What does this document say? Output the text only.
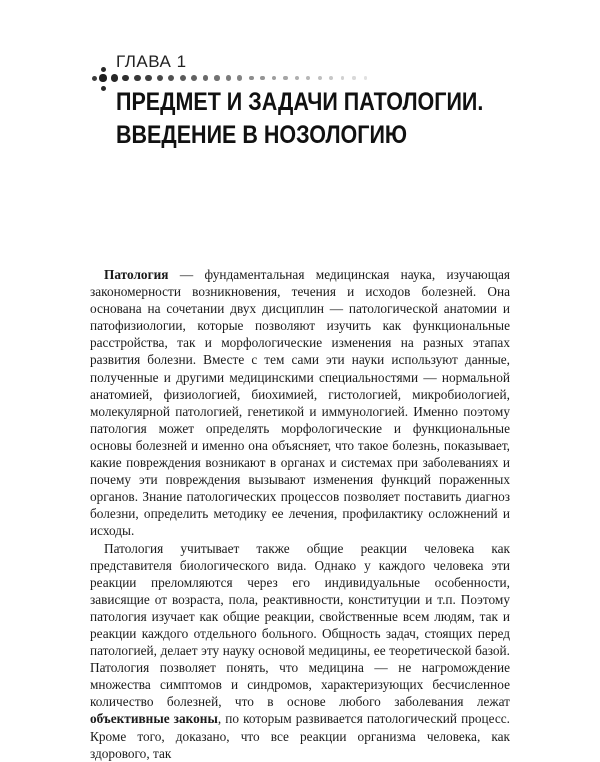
ГЛАВА 1
ПРЕДМЕТ И ЗАДАЧИ ПАТОЛОГИИ.
ВВЕДЕНИЕ В НОЗОЛОГИЮ

Патология — фундаментальная медицинская наука, изучающая закономерности возникновения, течения и исходов болезней. Она основана на сочетании двух дисциплин — патологической анатомии и патофизиологии, которые позволяют изучить как функциональные расстройства, так и морфологические изменения на разных этапах развития болезни. Вместе с тем сами эти науки используют данные, полученные и другими медицинскими специальностями — нормальной анатомией, физиологией, биохимией, гистологией, микробиологией, молекулярной патологией, генетикой и иммунологией. Именно поэтому патология может определять морфологические и функциональные основы болезней и именно она объясняет, что такое болезнь, показывает, какие повреждения возникают в органах и системах при заболеваниях и почему эти повреждения вызывают изменения функций пораженных органов. Знание патологических процессов позволяет поставить диагноз болезни, определить методику ее лечения, профилактику осложнений и исходы.

Патология учитывает также общие реакции человека как представителя биологического вида. Однако у каждого человека эти реакции преломляются через его индивидуальные особенности, зависящие от возраста, пола, реактивности, конституции и т.п. Поэтому патология изучает как общие реакции, свойственные всем людям, так и реакции каждого отдельного больного. Общность задач, стоящих перед патологией, делает эту науку основой медицины, ее теоретической базой. Патология позволяет понять, что медицина — не нагромождение множества симптомов и синдромов, характеризующих бесчисленное количество болезней, что в основе любого заболевания лежат объективные законы, по которым развивается патологический процесс. Кроме того, доказано, что все реакции организма человека, как здорового, так
